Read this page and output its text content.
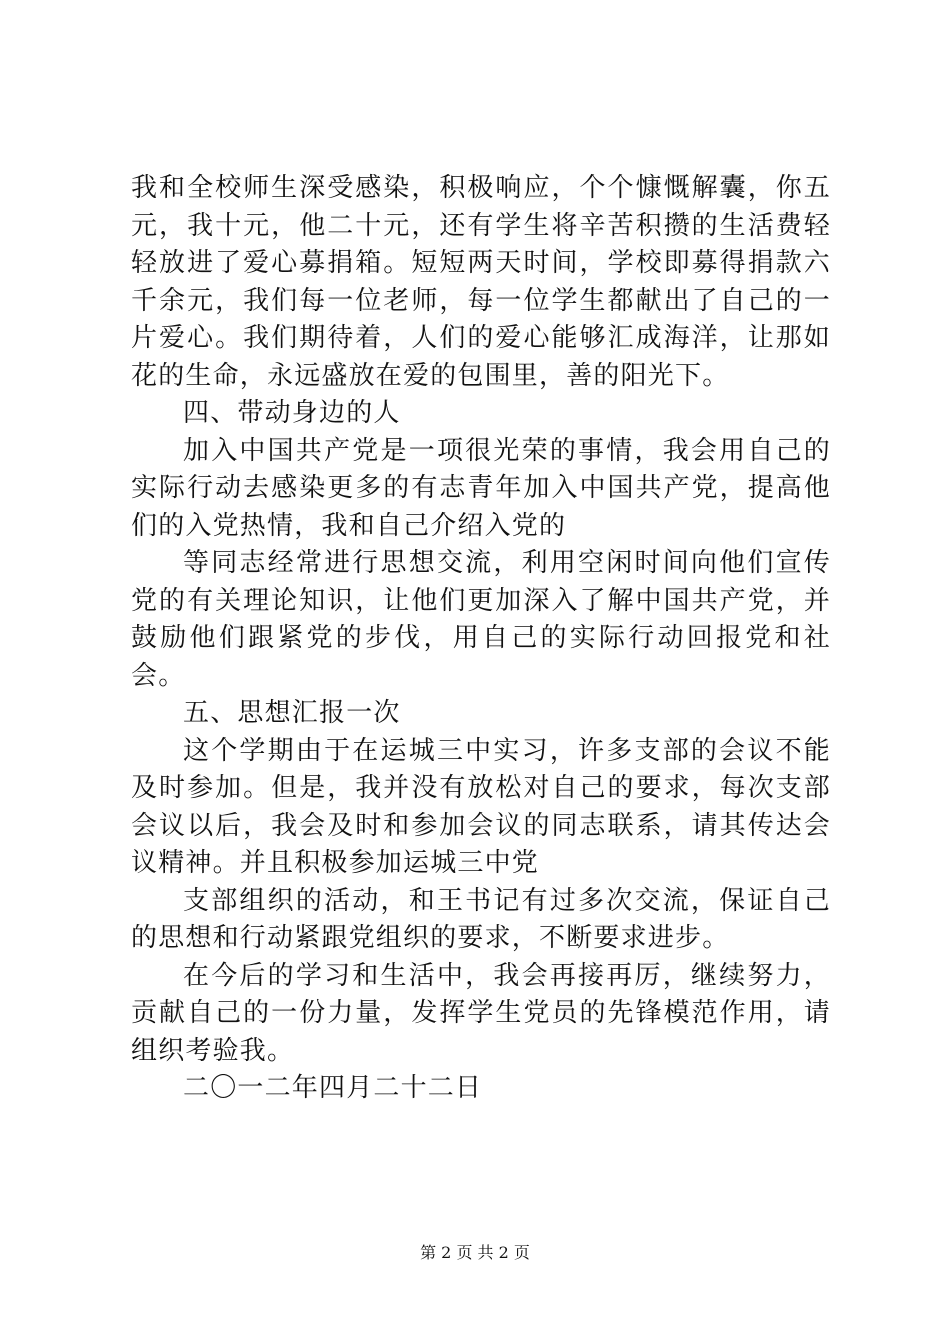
我和全校师生深受感染，积极响应，个个慷慨解囊，你五元，我十元，他二十元，还有学生将辛苦积攒的生活费轻轻放进了爱心募捐箱。短短两天时间，学校即募得捐款六千余元，我们每一位老师，每一位学生都献出了自己的一片爱心。我们期待着，人们的爱心能够汇成海洋，让那如花的生命，永远盛放在爱的包围里，善的阳光下。

四、带动身边的人

加入中国共产党是一项很光荣的事情，我会用自己的实际行动去感染更多的有志青年加入中国共产党，提高他们的入党热情，我和自己介绍入党的

等同志经常进行思想交流，利用空闲时间向他们宣传党的有关理论知识，让他们更加深入了解中国共产党，并鼓励他们跟紧党的步伐，用自己的实际行动回报党和社会。

五、思想汇报一次

这个学期由于在运城三中实习，许多支部的会议不能及时参加。但是，我并没有放松对自己的要求，每次支部会议以后，我会及时和参加会议的同志联系，请其传达会议精神。并且积极参加运城三中党

支部组织的活动，和王书记有过多次交流，保证自己的思想和行动紧跟党组织的要求，不断要求进步。

在今后的学习和生活中，我会再接再厉，继续努力，贡献自己的一份力量，发挥学生党员的先锋模范作用，请组织考验我。

二〇一二年四月二十二日

第 2 页 共 2 页
